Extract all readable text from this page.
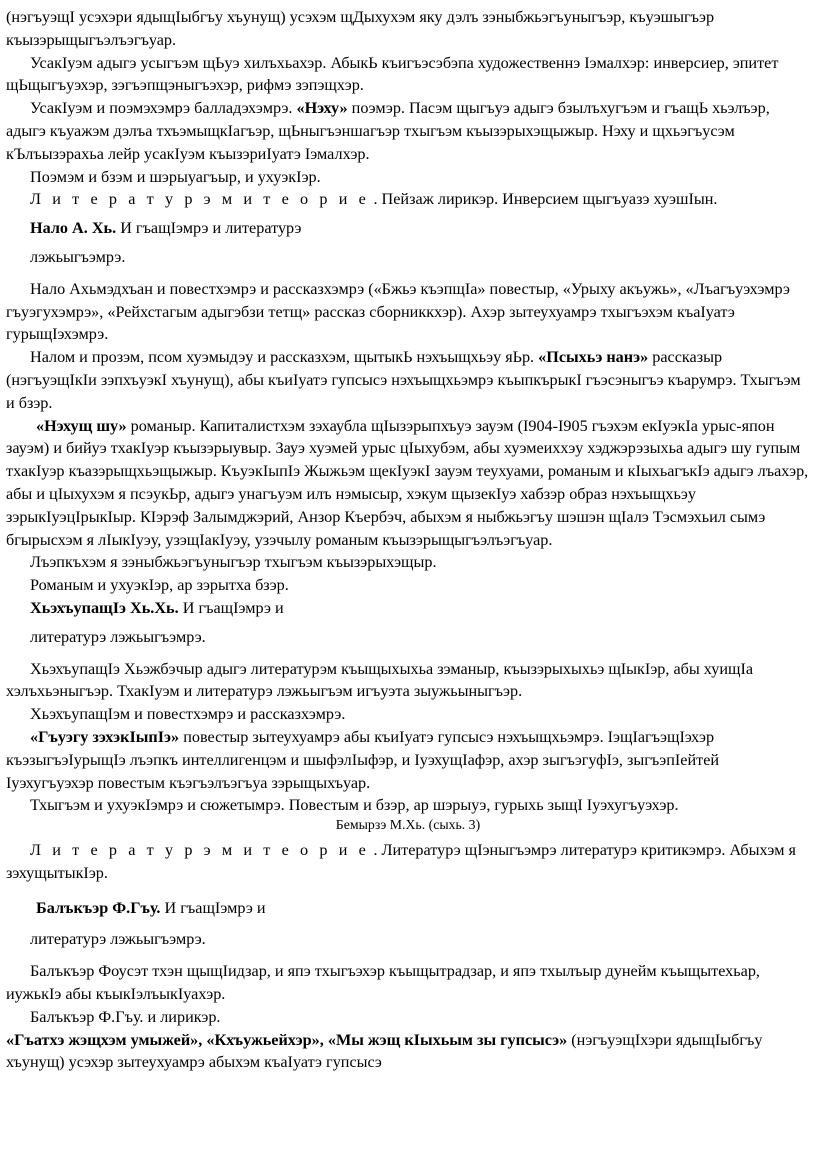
(нэгъуэщІ усэхэри ядыщІыбгъу хъунущ) усэхэм щДыхухэм яку дэлъ зэныбжьэгъуныгъэр, къуэшыгъэр къызэрыщыгъэлъэгъуар.

УсакІуэм адыгэ усыгъэм щЬуэ хилъхьахэр. АбыкЬ къигъэсэбэпа художественнэ Іэмалхэр: инверсиер, эпитет щЬщыгъуэхэр, зэгъэпщэныгъэхэр, рифмэ зэпэщхэр.

УсакІуэм и поэмэхэмрэ балладэхэмрэ. «Нэху» поэмэр. Пасэм щыгъуэ адыгэ бзылъхугъэм и гъащЬ хьэлъэр, адыгэ къуажэм дэлъа тхъэмыщкІагъэр, щЬныгъэншагъэр тхыгъэм къызэрыхэщыжыр. Нэху и щхьэгъусэм кЪлъызэрахьа лейр усакІуэм къызэриІуатэ Іэмалхэр.

Поэмэм и бзэм и шэрыуагъыр, и ухуэкІэр.

Л и т е р а т у р э м и т е о р и е . Пейзаж лирикэр. Инверсием щыгъуазэ хуэшІын.

Нало А. Хь. И гъащІэмрэ и литературэ

лэжьыгъэмрэ.

Нало Ахьмэдхъан и повестхэмрэ и рассказхэмрэ («Бжьэ къэпщІа» повестыр, «Урыху акъужь», «Лъагъуэхэмрэ гъуэгухэмрэ», «Рейхстагым адыгэбзи тетщ» рассказ сборниккхэр). Ахэр зытеухуамрэ тхыгъэхэм къаІуатэ гурыщІэхэмрэ.

Налом и прозэм, псом хуэмыдэу и рассказхэм, щытыкЬ нэхъыщхьэу яЬр. «Псыхьэ нанэ» рассказыр (нэгъуэщІкІи зэпхъуэкІ хъунущ), абы къиІуатэ гупсысэ нэхъыщхьэмрэ къыпкърыкІ гъэсэныгъэ къарумрэ. Тхыгъэм и бзэр.

«Нэхущ шу» романыр. Капиталистхэм зэхаубла щІызэрыпхъуэ зауэм (І904-І905 гъэхэм екІуэкІа урыс-япон зауэм) и бийуэ тхакІуэр къызэрыувыр. Зауэ хуэмей урыс цІыхубэм, абы хуэмеиххэу хэджэрэзыхьа адыгэ шу гупым тхакІуэр къазэрыщхьэщыжыр. КъуэкІыпІэ Жыжьэм щекІуэкІ зауэм теухуами, романым и кІыхьагъкІэ адыгэ лъахэр, абы и цІыхухэм я псэукЬр, адыгэ унагъуэм илъ нэмысыр, хэкум щызекІуэ хабзэр образ нэхъыщхьэу зэрыкІуэцІрыкІыр. КІэрэф Залымджэрий, Анзор Къербэч, абыхэм я ныбжьэгъу шэшэн щІалэ Тэсмэхьил сымэ бгырысхэм я лІыкІуэу, узэщІакІуэу, узэчылу романым къызэрыщыгъэлъэгъуар.

Лъэпкъхэм я зэныбжьэгъуныгъэр тхыгъэм къызэрыхэщыр.

Романым и ухуэкІэр, ар зэрытха бзэр.

ХьэхъупащІэ Хь.Хь. И гъащІэмрэ и

литературэ лэжьыгъэмрэ.

ХьэхъупащІэ Хьэжбэчыр адыгэ литературэм къыщыхыхьа зэманыр, къызэрыхыхьэ щІыкІэр, абы хуищІа хэлъхьэныгъэр. ТхакІуэм и литературэ лэжьыгъэм игъуэта зыужьыныгъэр.

ХьэхъупащІэм и повестхэмрэ и рассказхэмрэ.

«Гъуэгу зэхэкІыпІэ» повестыр зытеухуамрэ абы къиІуатэ гупсысэ нэхъыщхьэмрэ. ІэщІагъэщІэхэр къэзыгъэІурыщІэ лъэпкъ интеллигенцэм и шыфэлІыфэр, и ІуэхущІафэр, ахэр зыгъэгуфІэ, зыгъэпІейтей Іуэхугъуэхэр повестым къэгъэлъэгъуа зэрыщыхъуар.

Тхыгъэм и ухуэкІэмрэ и сюжетымрэ. Повестым и бзэр, ар шэрыуэ, гурыхь зыщІ Іуэхугъуэхэр.

Бемырзэ М.Хь. (сыхь. 3)

Л и т е р а т у р э м и т е о р и е . Литературэ щІэныгъэмрэ литературэ критикэмрэ. Абыхэм я зэхущытыкІэр.

Балъкъэр Ф.Гъу. И гъащІэмрэ и

литературэ лэжьыгъэмрэ.

Балъкъэр Фоусэт тхэн щыщІидзар, и япэ тхыгъэхэр къыщытрадзар, и япэ тхылъыр дунейм къыщытехьар, иужькІэ абы къыкІэлъыкІуахэр.

Балъкъэр Ф.Гъу. и лирикэр.

«Гъатхэ жэщхэм умыжей», «Кхъужьейхэр», «Мы жэщ кІыхьым зы гупсысэ» (нэгъуэщІхэри ядыщІыбгъу хъунущ) усэхэр зытеухуамрэ абыхэм къаІуатэ гупсысэ
